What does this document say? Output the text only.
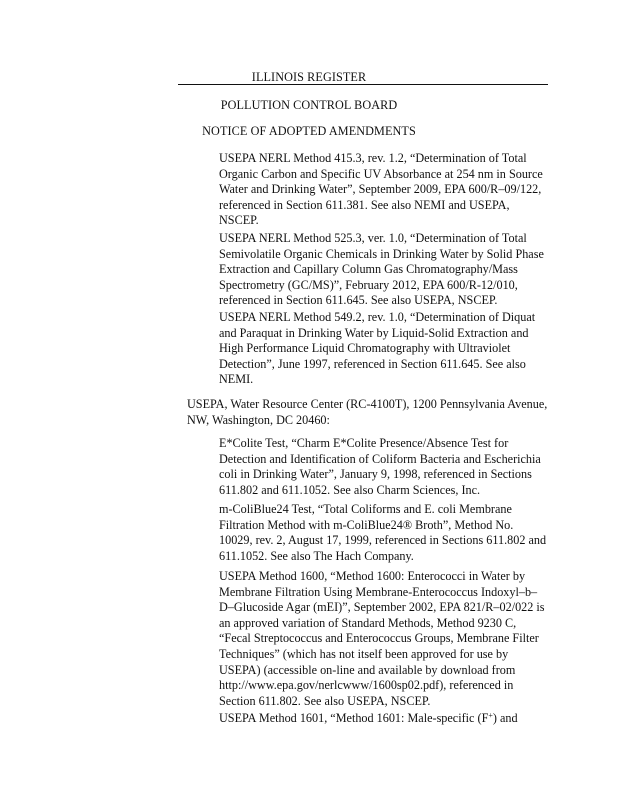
ILLINOIS REGISTER
POLLUTION CONTROL BOARD
NOTICE OF ADOPTED AMENDMENTS
USEPA NERL Method 415.3, rev. 1.2, “Determination of Total
Organic Carbon and Specific UV Absorbance at 254 nm in Source
Water and Drinking Water”, September 2009, EPA 600/R–09/122,
referenced in Section 611.381. See also NEMI and USEPA,
NSCEP.
USEPA NERL Method 525.3, ver. 1.0, “Determination of Total
Semivolatile Organic Chemicals in Drinking Water by Solid Phase
Extraction and Capillary Column Gas Chromatography/Mass
Spectrometry (GC/MS)”, February 2012, EPA 600/R-12/010,
referenced in Section 611.645. See also USEPA, NSCEP.
USEPA NERL Method 549.2, rev. 1.0, “Determination of Diquat
and Paraquat in Drinking Water by Liquid-Solid Extraction and
High Performance Liquid Chromatography with Ultraviolet
Detection”, June 1997, referenced in Section 611.645. See also
NEMI.
USEPA, Water Resource Center (RC-4100T), 1200 Pennsylvania Avenue,
NW, Washington, DC 20460:
E*Colite Test, “Charm E*Colite Presence/Absence Test for
Detection and Identification of Coliform Bacteria and Escherichia
coli in Drinking Water”, January 9, 1998, referenced in Sections
611.802 and 611.1052. See also Charm Sciences, Inc.
m-ColiBlue24 Test, “Total Coliforms and E. coli Membrane
Filtration Method with m-ColiBlue24® Broth”, Method No.
10029, rev. 2, August 17, 1999, referenced in Sections 611.802 and
611.1052. See also The Hach Company.
USEPA Method 1600, “Method 1600: Enterococci in Water by
Membrane Filtration Using Membrane-Enterococcus Indoxyl–b–
D–Glucoside Agar (mEI)”, September 2002, EPA 821/R–02/022 is
an approved variation of Standard Methods, Method 9230 C,
“Fecal Streptococcus and Enterococcus Groups, Membrane Filter
Techniques” (which has not itself been approved for use by
USEPA) (accessible on-line and available by download from
http://www.epa.gov/nerlcwww/1600sp02.pdf), referenced in
Section 611.802. See also USEPA, NSCEP.
USEPA Method 1601, “Method 1601: Male-specific (F+) and
